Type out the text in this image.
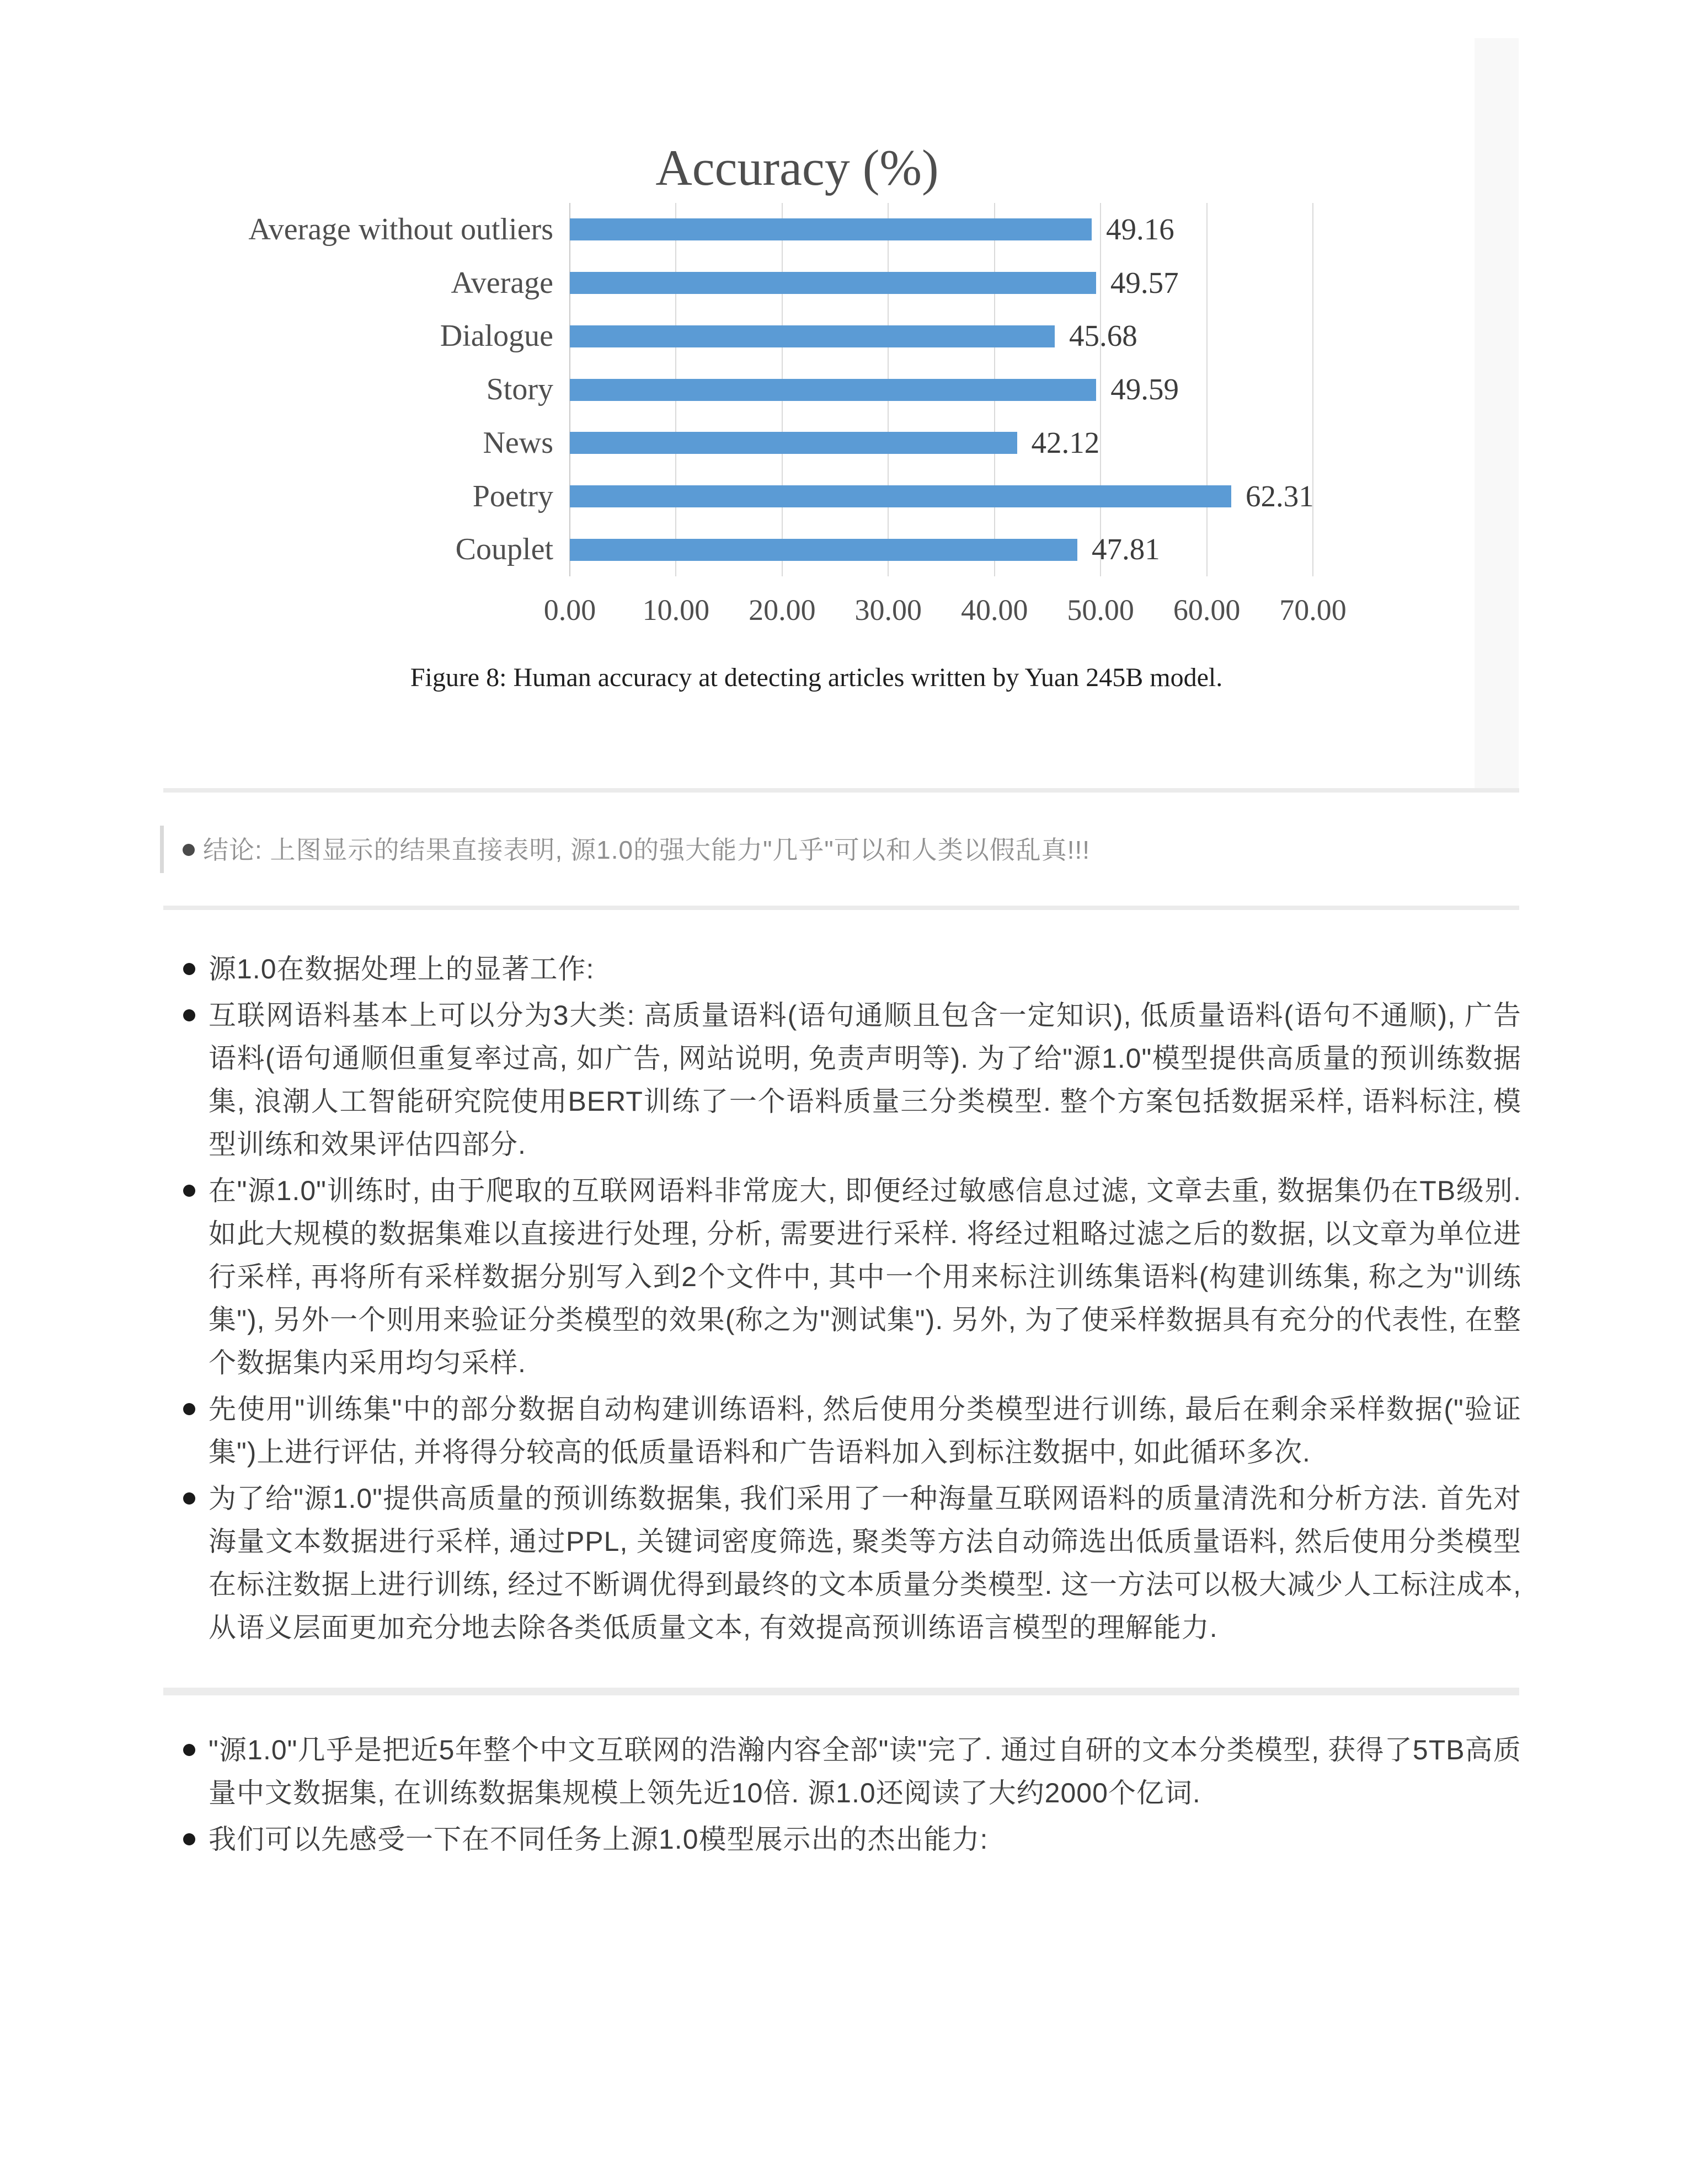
Accuracy (%)
0.00	10.00	20.00	30.00	40.00	50.00	60.00	70.00
Average without outliers	49.16
Average	49.57
Dialogue	45.68
Story	49.59
News	42.12
Poetry	62.31
Couplet	47.81
Figure 8: Human accuracy at detecting articles written by Yuan 245B model.
结论: 上图显示的结果直接表明, 源1.0的强大能力"几乎"可以和人类以假乱真!!!
源1.0在数据处理上的显著工作:
互联网语料基本上可以分为3大类: 高质量语料(语句通顺且包含一定知识), 低质量语料(语句不通顺), 广告语料(语句通顺但重复率过高, 如广告, 网站说明, 免责声明等). 为了给"源1.0"模型提供高质量的预训练数据集, 浪潮人工智能研究院使用BERT训练了一个语料质量三分类模型. 整个方案包括数据采样, 语料标注, 模型训练和效果评估四部分.
在"源1.0"训练时, 由于爬取的互联网语料非常庞大, 即便经过敏感信息过滤, 文章去重, 数据集仍在TB级别. 如此大规模的数据集难以直接进行处理, 分析, 需要进行采样. 将经过粗略过滤之后的数据, 以文章为单位进行采样, 再将所有采样数据分别写入到2个文件中, 其中一个用来标注训练集语料(构建训练集, 称之为"训练集"), 另外一个则用来验证分类模型的效果(称之为"测试集"). 另外, 为了使采样数据具有充分的代表性, 在整个数据集内采用均匀采样.
先使用"训练集"中的部分数据自动构建训练语料, 然后使用分类模型进行训练, 最后在剩余采样数据("验证集")上进行评估, 并将得分较高的低质量语料和广告语料加入到标注数据中, 如此循环多次.
为了给"源1.0"提供高质量的预训练数据集, 我们采用了一种海量互联网语料的质量清洗和分析方法. 首先对海量文本数据进行采样, 通过PPL, 关键词密度筛选, 聚类等方法自动筛选出低质量语料, 然后使用分类模型在标注数据上进行训练, 经过不断调优得到最终的文本质量分类模型. 这一方法可以极大减少人工标注成本, 从语义层面更加充分地去除各类低质量文本, 有效提高预训练语言模型的理解能力.
"源1.0"几乎是把近5年整个中文互联网的浩瀚内容全部"读"完了. 通过自研的文本分类模型, 获得了5TB高质量中文数据集, 在训练数据集规模上领先近10倍. 源1.0还阅读了大约2000个亿词.
我们可以先感受一下在不同任务上源1.0模型展示出的杰出能力:
